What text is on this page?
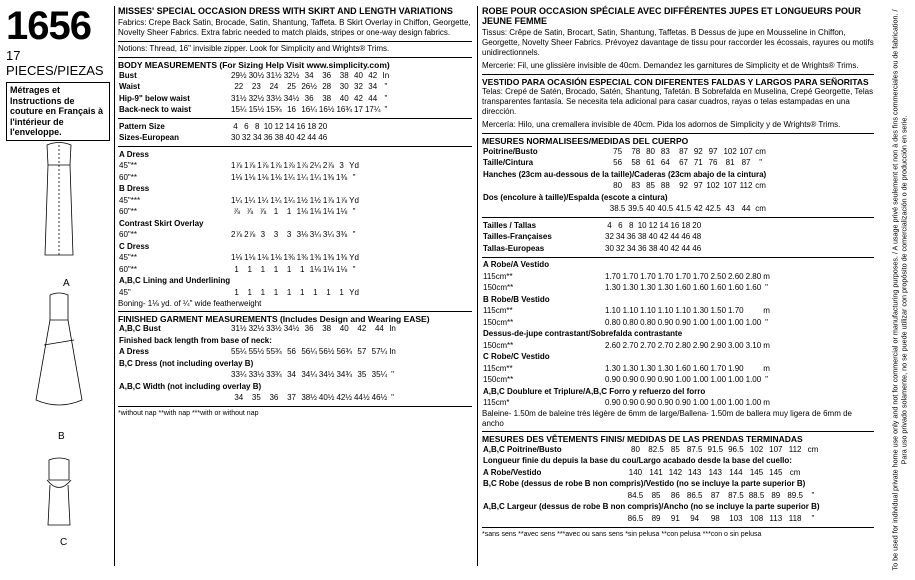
1656
17 PIECES/PIEZAS
Métrages et Instructions de couture en Français à l'intérieur de l'enveloppe.
A
B
C
MISSES' SPECIAL OCCASION DRESS WITH SKIRT AND LENGTH VARIATIONS

Fabrics: Crepe Back Satin, Brocade, Satin, Shantung, Taffeta. B Skirt Overlay in Chiffon, Georgette, Novelty Sheer Fabrics. Extra fabric needed to match plaids, stripes or one-way design fabrics.

Notions: Thread, 16" invisible zipper. Look for Simplicity and Wrights® Trims.

BODY MEASUREMENTS (For Sizing Help Visit www.simplicity.com)
Bust	29½	30½	31½	32½	34	36	38	40	42	In
Waist	22	23	24	25	26½	28	30	32	34	"
Hip-9" below waist	31½	32½	33½	34½	36	38	40	42	44	"
Back-neck to waist	15¼	15½	15¾	16	16¼	16½	16¾	17	17¼	"
Pattern Size	4	6	8	10	12	14	16	18	20	
Sizes-European	30	32	34	36	38	40	42	44	46	
A Dress										
45"**	1⅞	1⅞	1⅞	1⅞	1⅞	1⅞	2¼	2⅞	3	Yd
60"**	1⅛	1⅛	1⅛	1⅛	1¼	1¼	1¼	1⅜	1⅜	"
B Dress										
45"***	1¼	1¼	1¼	1¼	1¼	1½	1½	1⅞	1⅞	Yd
60"**	⅞	⅞	⅞	1	1	1⅛	1⅛	1⅛	1⅛	"
Contrast Skirt Overlay										
60"**	2⅞	2⅞	3	3	3	3⅛	3¼	3¼	3⅜	"
C Dress										
45"**	1⅛	1⅛	1⅛	1⅛	1⅜	1⅜	1⅜	1⅜	1⅜	Yd
60"**	1	1	1	1	1	1	1⅛	1⅛	1⅛	"
A,B,C Lining and Underlining										
45"	1	1	1	1	1	1	1	1	1	Yd
Boning- 1⅛ yd. of ¼" wide featherweight
FINISHED GARMENT MEASUREMENTS (Includes Design and Wearing EASE)
A,B,C Bust	31½	32½	33½	34½	36	38	40	42	44	In
Finished back length from base of neck:										
A Dress	55¼	55½	55¾	56	56¼	56½	56¾	57	57¼	In
B,C Dress (not including overlay B)										
	33¼	33½	33¾	34	34¼	34½	34¾	35	35¼	"
A,B,C Width (not including overlay B)										
	34	35	36	37	38½	40½	42½	44½	46½	"
*without nap **with nap ***with or without nap
ROBE POUR OCCASION SPÉCIALE AVEC DIFFÉRENTES JUPES ET LONGUEURS POUR JEUNE FEMME

Tissus: Crêpe de Satin, Brocart, Satin, Shantung, Taffetas. B Dessus de jupe en Mousseline in Chiffon, Georgette, Novelty Sheer Fabrics. Prévoyez davantage de tissu pour raccorder les écossais, rayures ou motifs unidirectionnels.

Mercerie: Fil, une glissière invisible de 40cm. Demandez les garnitures de Simplicity et de Wrights® Trims.

VESTIDO PARA OCASIÓN ESPECIAL CON DIFERENTES FALDAS Y LARGOS PARA SEÑORITAS

Telas: Crepé de Satén, Brocado, Satén, Shantung, Tafetán. B Sobrefalda en Muselina, Crepé Georgette, Telas transparentes fantasía. Se necesita tela adicional para casar cuadros, rayas o telas estampadas en una dirección.

Mercería: Hilo, una cremallera invisible de 40cm. Pida los adornos de Simplicity y de Wrights® Trims.

MESURES NORMALISEES/MEDIDAS DEL CUERPO
Poitrine/Busto	75	78	80	83	87	92	97	102	107	cm
Taille/Cintura	56	58	61	64	67	71	76	81	87	"
Hanches (23cm au-dessous de la taille)/Caderas (23cm abajo de la cintura)										
	80	83	85	88	92	97	102	107	112	cm
Dos (encolure à taille)/Espalda (escote a cintura)										
	38.5	39.5	40	40.5	41.5	42	42.5	43	44	cm
Tailles / Tallas	4	6	8	10	12	14	16	18	20	
Tailles-Françaises	32	34	36	38	40	42	44	46	48	
Tallas-Europeas	30	32	34	36	38	40	42	44	46	
A Robe/A Vestido										
115cm**	1.70	1.70	1.70	1.70	1.70	1.70	2.50	2.60	2.80	m
150cm**	1.30	1.30	1.30	1.30	1.60	1.60	1.60	1.60	1.60	"
B Robe/B Vestido										
115cm**	1.10	1.10	1.10	1.10	1.10	1.30	1.50	1.70		m
150cm**	0.80	0.80	0.80	0.90	0.90	1.00	1.00	1.00	1.00	"
Dessus-de-jupe contrastant/Sobrefalda contrastante										
150cm**	2.60	2.70	2.70	2.70	2.80	2.90	2.90	3.00	3.10	m
C Robe/C Vestido										
115cm**	1.30	1.30	1.30	1.30	1.60	1.60	1.70	1.90		m
150cm**	0.90	0.90	0.90	0.90	1.00	1.00	1.00	1.00	1.00	"
A,B,C Doublure et Triplure/A,B,C Forro y refuerzo del forro										
115cm*	0.90	0.90	0.90	0.90	0.90	1.00	1.00	1.00	1.00	m
Baleine- 1.50m de baleine très légère de 6mm de large/Ballena- 1.50m de ballera muy ligera de 6mm de ancho
MESURES DES VÊTEMENTS FINIS/ MEDIDAS DE LAS PRENDAS TERMINADAS
A,B,C Poitrine/Busto	80	82.5	85	87.5	91.5	96.5	102	107	112	cm
Longueur finie du depuis la base du cou/Largo acabado desde la base del cuello:										
A Robe/Vestido	140	141	142	143	143	144	145	145	cm	
B,C Robe (dessus de robe B non compris)/Vestido (no se incluye la parte superior B)										
	84.5	85	86	86.5	87	87.5	88.5	89	89.5	"
A,B,C Largeur (dessus de robe B non compris)/Ancho (no se incluye la parte superior B)										
	86.5	89	91	94	98	103	108	113	118	"
*sans sens **avec sens ***avec ou sans sens *sin pelusa **con pelusa ***con o sin pelusa	To be used for individual private home use only and not for commercial or manufacturing purposes. / A usage privé seulement et non à des fins commerciales ou de fabrication. / Para uso privado solamente, no se puede utilizar con propósito de comercialización o de producción en serie.
